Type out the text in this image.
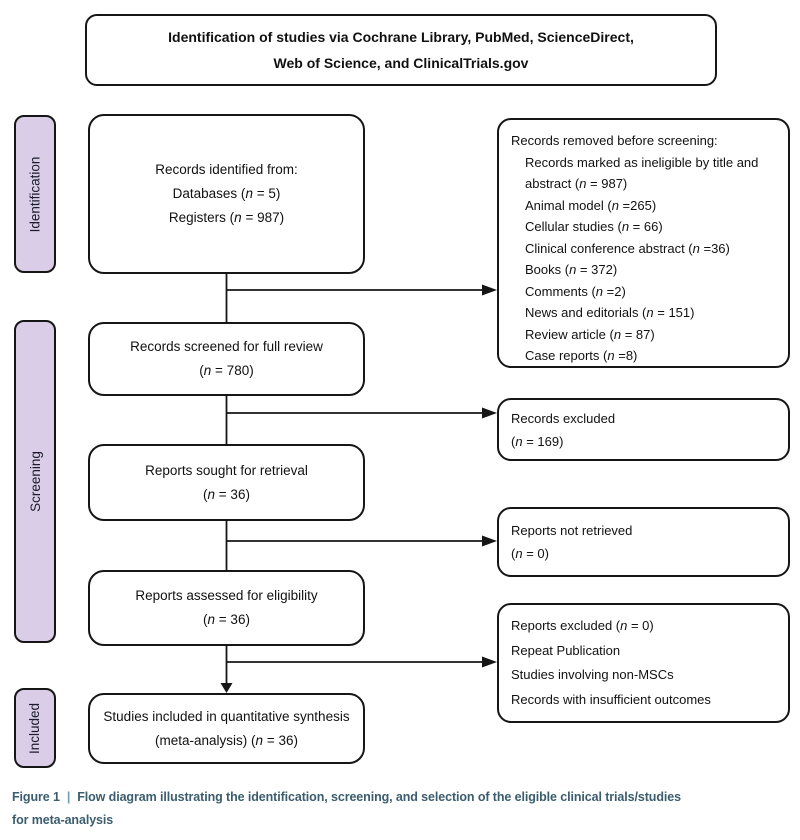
Identification of studies via Cochrane Library, PubMed, ScienceDirect,
Web of Science, and ClinicalTrials.gov
Identification
Screening
Included
Records identified from:
Databases (n = 5)
Registers (n = 987)
Records screened for full review
(n = 780)
Reports sought for retrieval
(n = 36)
Reports assessed for eligibility
(n = 36)
Studies included in quantitative synthesis
(meta-analysis) (n = 36)
Records removed before screening:
Records marked as ineligible by title and abstract (n = 987)
Animal model (n =265)
Cellular studies (n = 66)
Clinical conference abstract (n =36)
Books (n = 372)
Comments (n =2)
News and editorials (n = 151)
Review article (n = 87)
Case reports (n =8)
Records excluded
(n = 169)
Reports not retrieved
(n = 0)
Reports excluded (n = 0)
Repeat Publication
Studies involving non-MSCs
Records with insufficient outcomes
Figure 1 | Flow diagram illustrating the identification, screening, and selection of the eligible clinical trials/studies
for meta-analysis
